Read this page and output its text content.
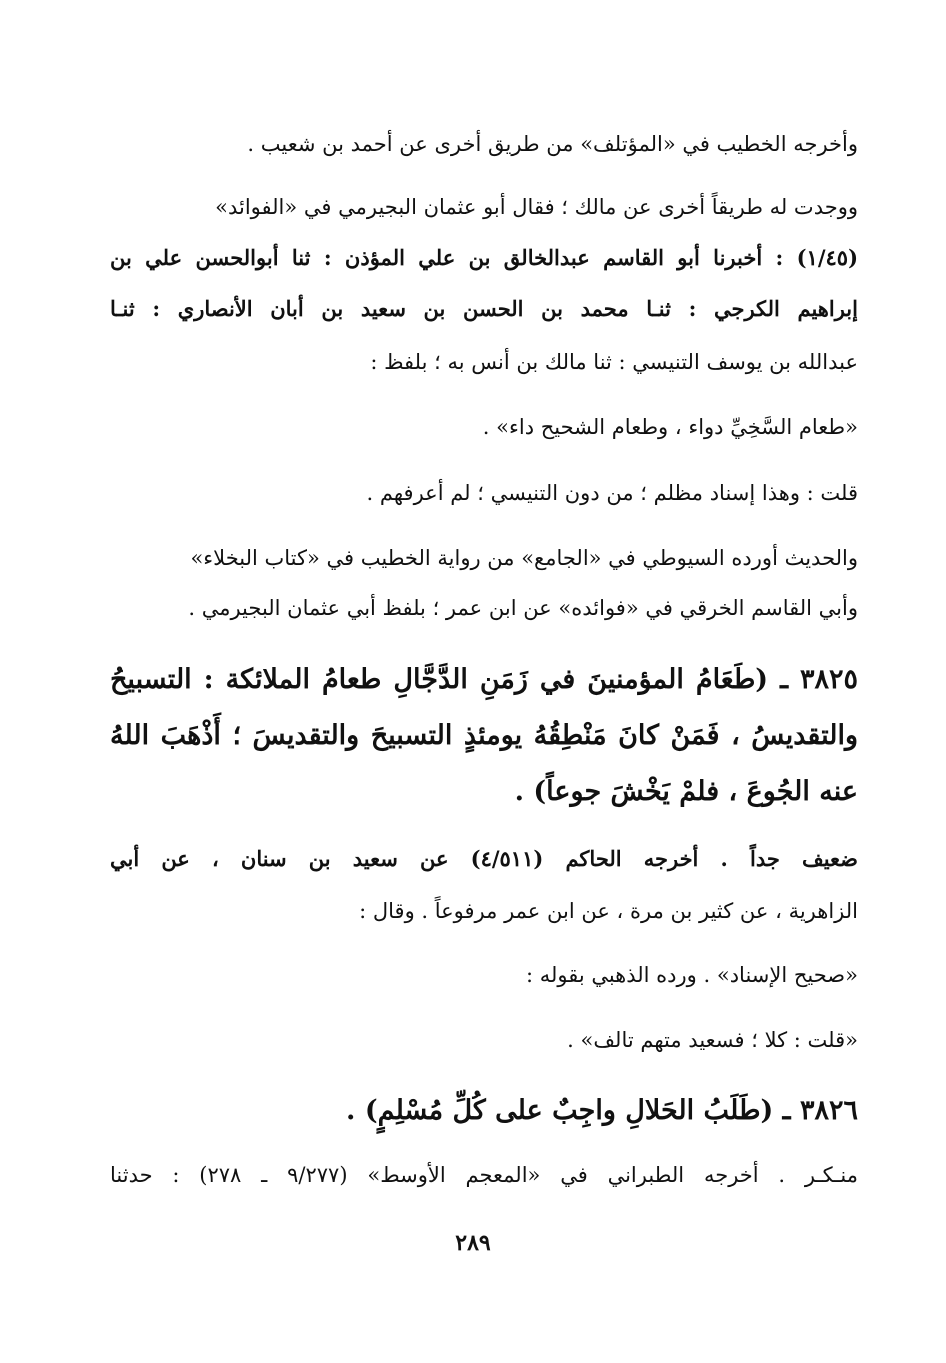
وأخرجه الخطيب في «المؤتلف» من طريق أخرى عن أحمد بن شعيب .
ووجدت له طريقاً أخرى عن مالك ؛ فقال أبو عثمان البجيرمي في «الفوائد»
(١/٤٥) : أخبرنا أبو القاسم عبدالخالق بن علي المؤذن : ثنا أبوالحسن علي بن
إبراهيم الكرجي : ثنـا محمد بن الحسن بن سعيد بن أبان الأنصاري : ثنـا
عبدالله بن يوسف التنيسي : ثنا مالك بن أنس به ؛ بلفظ :
«طعام السَّخِيِّ دواء ، وطعام الشحيح داء» .
قلت : وهذا إسناد مظلم ؛ من دون التنيسي ؛ لم أعرفهم .
والحديث أورده السيوطي في «الجامع» من رواية الخطيب في «كتاب البخلاء»
وأبي القاسم الخرقي في «فوائده» عن ابن عمر ؛ بلفظ أبي عثمان البجيرمي .
٣٨٢٥ ـ (طَعَامُ المؤمنينَ في زَمَنِ الدَّجَّالِ طعامُ الملائكة : التسبيحُ
والتقديسُ ، فَمَنْ كانَ مَنْطِقُهُ يومئذٍ التسبيحَ والتقديسَ ؛ أَذْهَبَ اللهُ
عنه الجُوعَ ، فلمْ يَخْشَ جوعاً) .
ضعيف جداً . أخرجه الحاكم (٤/٥١١) عن سعيد بن سنان ، عن أبي
الزاهرية ، عن كثير بن مرة ، عن ابن عمر مرفوعاً . وقال :
«صحيح الإسناد» . ورده الذهبي بقوله :
«قلت : كلا ؛ فسعيد متهم تالف» .
٣٨٢٦ ـ (طَلَبُ الحَلالِ واجِبٌ على كُلِّ مُسْلِمٍ) .
منـكـر . أخرجه الطبراني في «المعجم الأوسط» (٩/٢٧٧ ـ ٢٧٨) : حدثنا
٢٨٩
